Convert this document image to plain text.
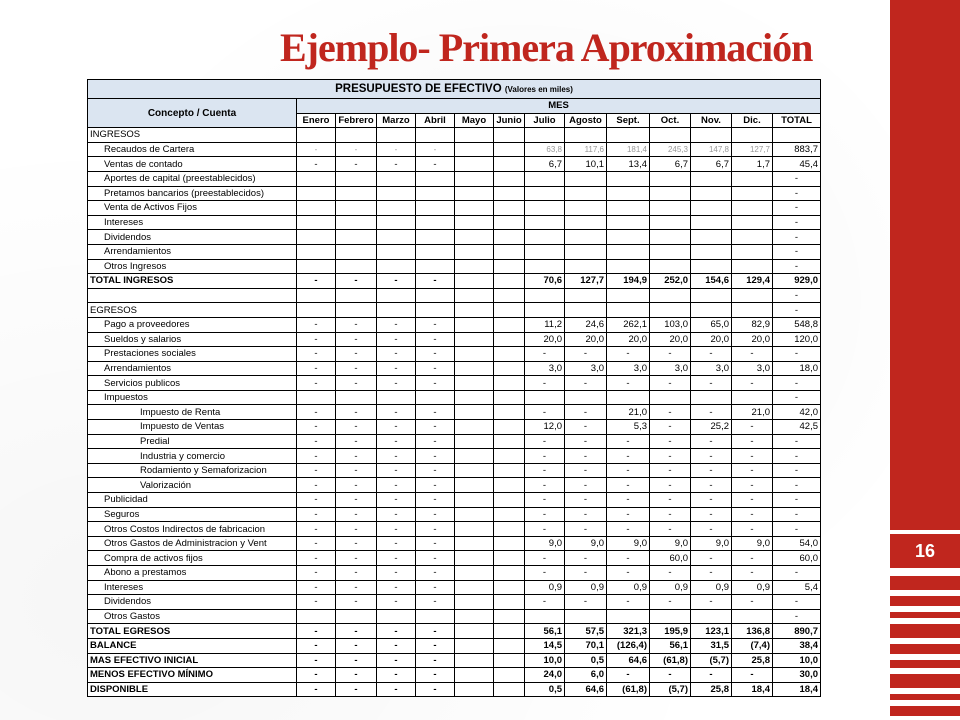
16
Ejemplo- Primera Aproximación
PRESUPUESTO DE EFECTIVO (Valores en miles)													
Concepto / Cuenta	MES												
	Enero	Febrero	Marzo	Abril	Mayo	Junio	Julio	Agosto	Sept.	Oct.	Nov.	Dic.	TOTAL
INGRESOS													
Recaudos de Cartera	-	-	-	-			63,8	117,6	181,4	245,3	147,8	127,7	883,7
Ventas de contado	-	-	-	-			6,7	10,1	13,4	6,7	6,7	1,7	45,4
Aportes de capital (preestablecidos)													-
Pretamos bancarios (preestablecidos)													-
Venta de Activos Fijos													-
Intereses													-
Dividendos													-
Arrendamientos													-
Otros Ingresos													-
TOTAL INGRESOS	-	-	-	-			70,6	127,7	194,9	252,0	154,6	129,4	929,0
													-
EGRESOS													-
Pago a proveedores	-	-	-	-			11,2	24,6	262,1	103,0	65,0	82,9	548,8
Sueldos y salarios	-	-	-	-			20,0	20,0	20,0	20,0	20,0	20,0	120,0
Prestaciones sociales	-	-	-	-			-	-	-	-	-	-	-
Arrendamientos	-	-	-	-			3,0	3,0	3,0	3,0	3,0	3,0	18,0
Servicios publicos	-	-	-	-			-	-	-	-	-	-	-
Impuestos													-
Impuesto de Renta	-	-	-	-			-	-	21,0	-	-	21,0	42,0
Impuesto de Ventas	-	-	-	-			12,0	-	5,3	-	25,2	-	42,5
Predial	-	-	-	-			-	-	-	-	-	-	-
Industria y comercio	-	-	-	-			-	-	-	-	-	-	-
Rodamiento y Semaforizacion	-	-	-	-			-	-	-	-	-	-	-
Valorización	-	-	-	-			-	-	-	-	-	-	-
Publicidad	-	-	-	-			-	-	-	-	-	-	-
Seguros	-	-	-	-			-	-	-	-	-	-	-
Otros Costos Indirectos de fabricacion	-	-	-	-			-	-	-	-	-	-	-
Otros Gastos de Administracion y Vent	-	-	-	-			9,0	9,0	9,0	9,0	9,0	9,0	54,0
Compra de activos fijos	-	-	-	-			-	-	-	60,0	-	-	60,0
Abono a prestamos	-	-	-	-			-	-	-	-	-	-	-
Intereses	-	-	-	-			0,9	0,9	0,9	0,9	0,9	0,9	5,4
Dividendos	-	-	-	-			-	-	-	-	-	-	-
Otros Gastos													-
TOTAL EGRESOS	-	-	-	-			56,1	57,5	321,3	195,9	123,1	136,8	890,7
BALANCE	-	-	-	-			14,5	70,1	(126,4)	56,1	31,5	(7,4)	38,4
MAS EFECTIVO INICIAL	-	-	-	-			10,0	0,5	64,6	(61,8)	(5,7)	25,8	10,0
MENOS EFECTIVO MÍNIMO	-	-	-	-			24,0	6,0	-	-	-	-	30,0
DISPONIBLE	-	-	-	-			0,5	64,6	(61,8)	(5,7)	25,8	18,4	18,4
